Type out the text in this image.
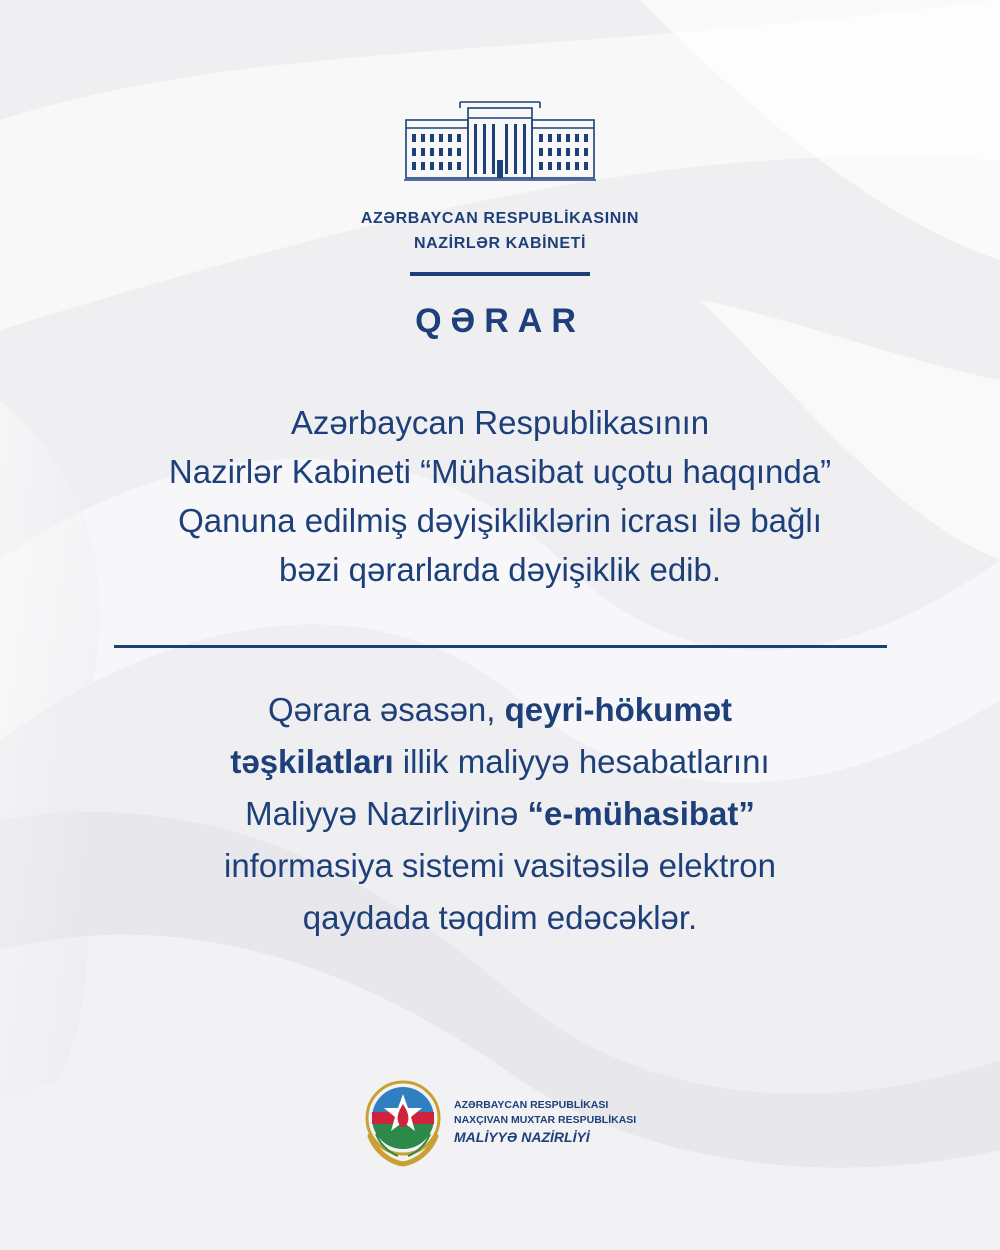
AZƏRBAYCAN RESPUBLİKASININ
NAZİRLƏR KABİNETİ
QƏRAR
Azərbaycan Respublikasının
Nazirlər Kabineti “Mühasibat uçotu haqqında”
Qanuna edilmiş dəyişikliklərin icrası ilə bağlı
bəzi qərarlarda dəyişiklik edib.
Qərara əsasən, qeyri-hökumət
təşkilatları illik maliyyə hesabatlarını
Maliyyə Nazirliyinə “e-mühasibat”
informasiya sistemi vasitəsilə elektron
qaydada təqdim edəcəklər.
AZƏRBAYCAN RESPUBLİKASI
NAXÇIVAN MUXTAR RESPUBLİKASI
MALİYYƏ NAZİRLİYİ
